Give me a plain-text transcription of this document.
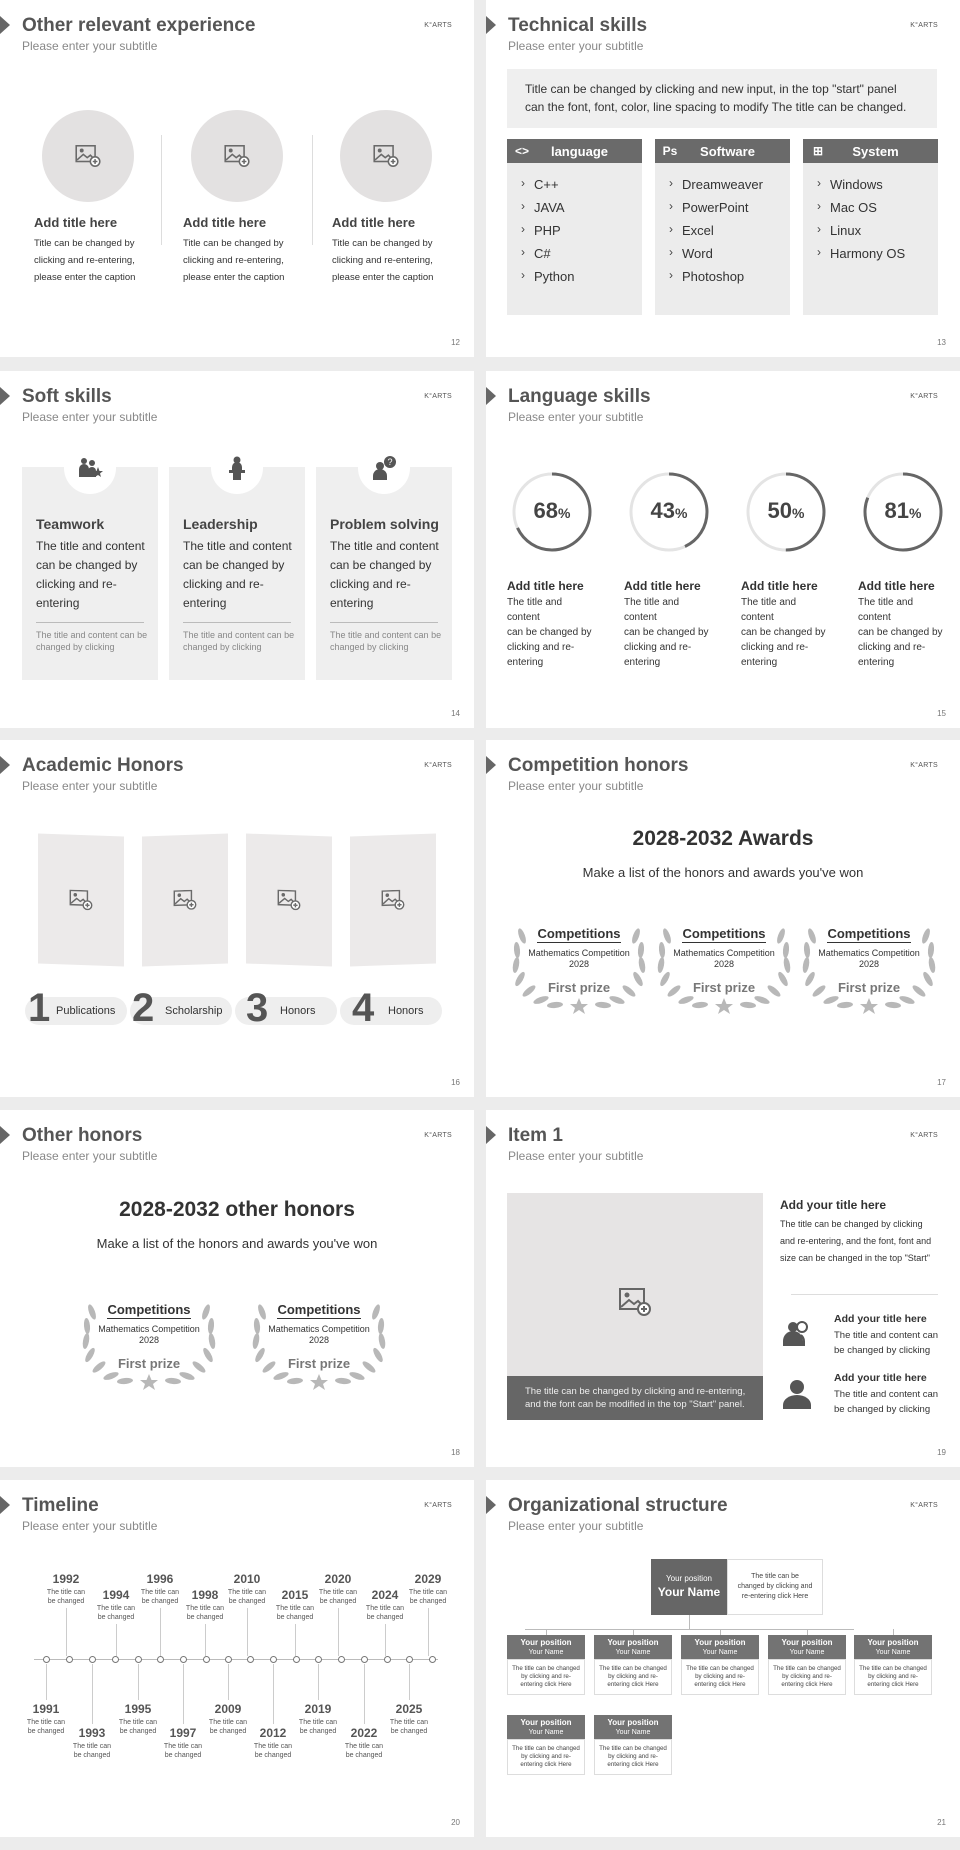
Other relevant experience
Please enter your subtitle
K°ARTS
Add title here
Title can be changed by
clicking and re-entering,
please enter the caption
Add title here
Title can be changed by
clicking and re-entering,
please enter the caption
Add title here
Title can be changed by
clicking and re-entering,
please enter the caption
12
Technical skills
Please enter your subtitle
K°ARTS
Title can be changed by clicking and new input, in the top "start" panel can the font, font, color, line spacing to modify The title can be changed.
<>	language
› C++
› JAVA
› PHP
› C#
› Python
Ps	Software
› Dreamweaver
› PowerPoint
› Excel
› Word
› Photoshop
⊞	System
› Windows
› Mac OS
› Linux
› Harmony OS
13
Soft skills
Please enter your subtitle
K°ARTS
Teamwork
The title and content can be changed by clicking and re-entering
The title and content can be changed by clicking
Leadership
The title and content can be changed by clicking and re-entering
The title and content can be changed by clicking
Problem solving
The title and content can be changed by clicking and re-entering
The title and content can be changed by clicking
?
14
Language skills
Please enter your subtitle
K°ARTS
68%
Add title here
The title and content
can be changed by
clicking and re-
entering
43%
Add title here
The title and content
can be changed by
clicking and re-
entering
50%
Add title here
The title and content
can be changed by
clicking and re-
entering
81%
Add title here
The title and content
can be changed by
clicking and re-
entering
15
Academic Honors
Please enter your subtitle
K°ARTS
1 Publications 2 Scholarship 3 Honors 4 Honors
16
Competition honors
Please enter your subtitle
K°ARTS
2028-2032 Awards
Make a list of the honors and awards you've won
Competitions
Mathematics Competition
2028
First prize
Competitions
Mathematics Competition
2028
First prize
Competitions
Mathematics Competition
2028
First prize
17
Other honors
Please enter your subtitle
K°ARTS
2028-2032 other honors
Make a list of the honors and awards you've won
Competitions
Mathematics Competition
2028
First prize
Competitions
Mathematics Competition
2028
First prize
18
Item 1
Please enter your subtitle
K°ARTS
The title can be changed by clicking and re-entering,
and the font can be modified in the top "Start" panel.
Add your title here
The title can be changed by clicking
and re-entering, and the font, font and
size can be changed in the top "Start"
Add your title here
The title and content can
be changed by clicking
Add your title here
The title and content can
be changed by clicking
19
Timeline
Please enter your subtitle
K°ARTS
1992
The title can
be changed	1994
The title can
be changed
1996
The title can
be changed	1998
The title can
be changed
2010
The title can
be changed	2015
The title can
be changed
2020
The title can
be changed	2024
The title can
be changed
2029
The title can
be changed
1991
The title can
be changed	1993
The title can
be changed
1995
The title can
be changed	1997
The title can
be changed
2009
The title can
be changed	2012
The title can
be changed
2019
The title can
be changed	2022
The title can
be changed
2025
The title can
be changed
20
Organizational structure
Please enter your subtitle
K°ARTS
Your position
Your Name
The title can be
changed by clicking and
re-entering click Here
Your position
Your Name
The title can be changed
by clicking and re-
entering click Here
Your position
Your Name
The title can be changed
by clicking and re-
entering click Here
Your position
Your Name
The title can be changed
by clicking and re-
entering click Here
Your position
Your Name
The title can be changed
by clicking and re-
entering click Here
Your position
Your Name
The title can be changed
by clicking and re-
entering click Here
Your position
Your Name
The title can be changed
by clicking and re-
entering click Here
Your position
Your Name
The title can be changed
by clicking and re-
entering click Here
21
